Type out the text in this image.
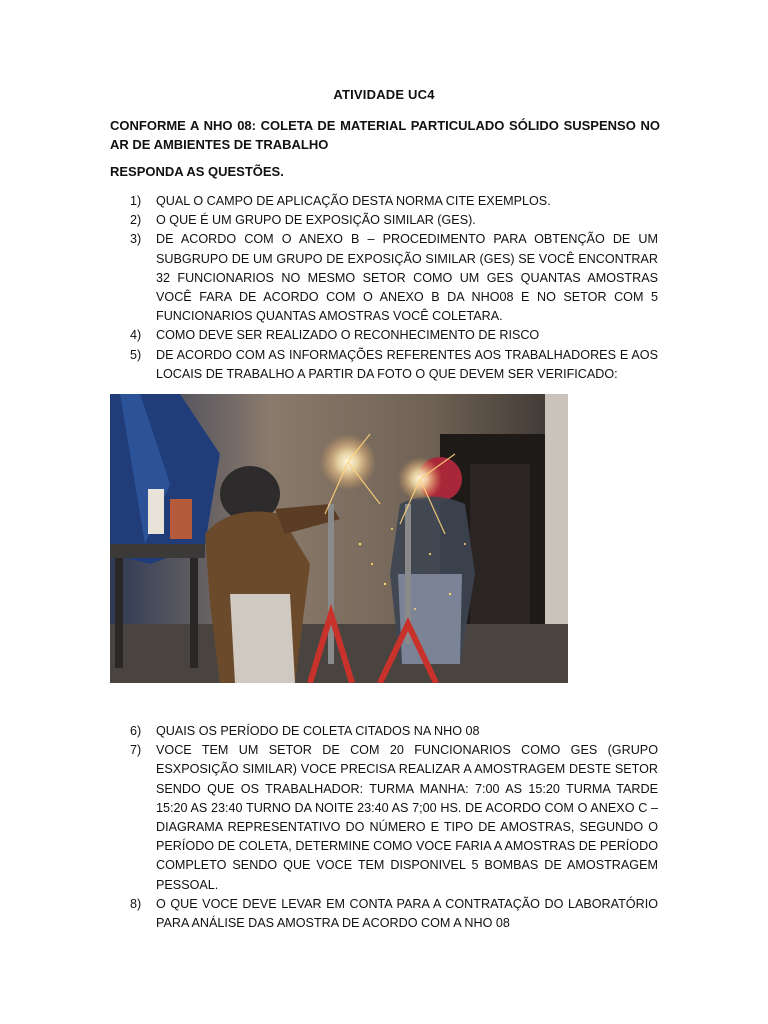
ATIVIDADE UC4
CONFORME A NHO 08: COLETA DE MATERIAL PARTICULADO SÓLIDO SUSPENSO NO AR DE AMBIENTES DE TRABALHO
RESPONDA AS QUESTÕES.
1) QUAL O CAMPO DE APLICAÇÃO DESTA NORMA CITE EXEMPLOS.
2) O QUE É UM GRUPO DE EXPOSIÇÃO SIMILAR (GES).
3) DE ACORDO COM O ANEXO B – PROCEDIMENTO PARA OBTENÇÃO DE UM SUBGRUPO DE UM GRUPO DE EXPOSIÇÃO SIMILAR (GES) SE VOCÊ ENCONTRAR 32 FUNCIONARIOS NO MESMO SETOR COMO UM GES QUANTAS AMOSTRAS VOCÊ FARA DE ACORDO COM O ANEXO B DA NHO08 E NO SETOR COM 5 FUNCIONARIOS QUANTAS AMOSTRAS VOCÊ COLETARA.
4) COMO DEVE SER REALIZADO O RECONHECIMENTO DE RISCO
5) DE ACORDO COM AS INFORMAÇÕES REFERENTES AOS TRABALHADORES E AOS LOCAIS DE TRABALHO A PARTIR DA FOTO O QUE DEVEM SER VERIFICADO:
6) QUAIS OS PERÍODO DE COLETA CITADOS NA NHO 08
7) VOCE TEM UM SETOR DE COM 20 FUNCIONARIOS COMO GES (GRUPO ESXPOSIÇÃO SIMILAR) VOCE PRECISA REALIZAR A AMOSTRAGEM DESTE SETOR SENDO QUE OS TRABALHADOR: TURMA MANHA: 7:00 AS 15:20 TURMA TARDE 15:20 AS 23:40 TURNO DA NOITE 23:40 AS 7;00 HS. DE ACORDO COM O ANEXO C – DIAGRAMA REPRESENTATIVO DO NÚMERO E TIPO DE AMOSTRAS, SEGUNDO O PERÍODO DE COLETA, DETERMINE COMO VOCE FARIA A AMOSTRAS DE PERÍODO COMPLETO SENDO QUE VOCE TEM DISPONIVEL 5 BOMBAS DE AMOSTRAGEM PESSOAL.
8) O QUE VOCE DEVE LEVAR EM CONTA PARA A CONTRATAÇÃO DO LABORATÓRIO PARA ANÁLISE DAS AMOSTRA DE ACORDO COM A NHO 08
